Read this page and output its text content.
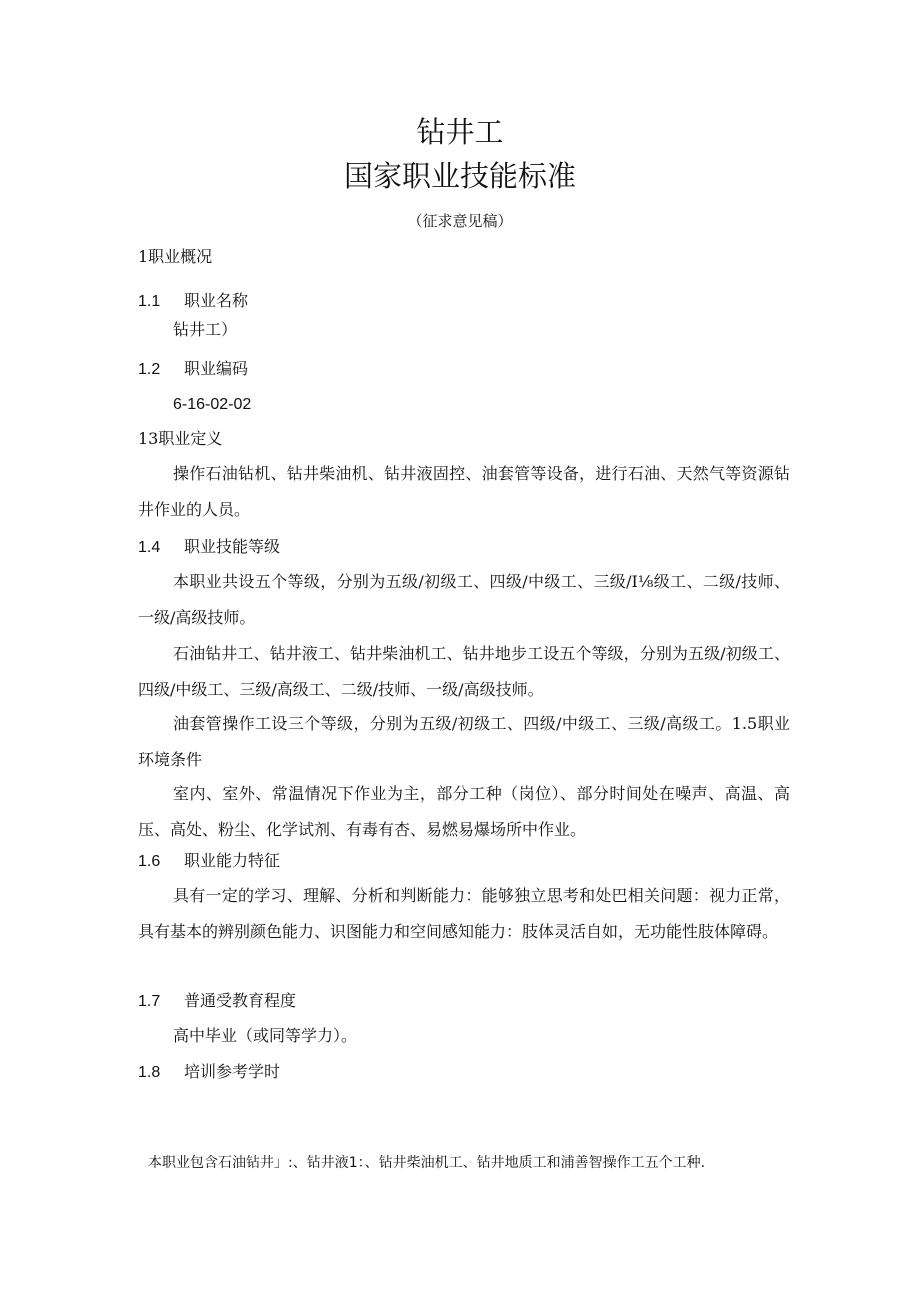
钻井工
国家职业技能标准
（征求意见稿）
1职业概况
1.1 职业名称
钻井工）
1.2 职业编码
6-16-02-02
13职业定义
操作石油钻机、钻井柴油机、钻井液固控、油套管等设备，进行石油、天然气等资源钻井作业的人员。
1.4 职业技能等级
本职业共设五个等级，分别为五级/初级工、四级/中级工、三级/I⅛级工、二级/技师、一级/高级技师。
石油钻井工、钻井液工、钻井柴油机工、钻井地步工设五个等级，分别为五级/初级工、四级/中级工、三级/高级工、二级/技师、一级/高级技师。
油套管操作工设三个等级，分别为五级/初级工、四级/中级工、三级/高级工。1.5职业环境条件
室内、室外、常温情况下作业为主，部分工种（岗位）、部分时间处在噪声、高温、高压、高处、粉尘、化学试剂、有毒有杏、易燃易爆场所中作业。
1.6 职业能力特征
具有一定的学习、理解、分析和判断能力：能够独立思考和处巴相关问题：视力正常，具有基本的辨别颜色能力、识图能力和空间感知能力：肢体灵活自如，无功能性肢体障碍。
1.7 普通受教育程度
高中毕业（或同等学力）。
1.8 培训参考学时
本职业包含石油钻井」:、钻井液1：、钻井柴油机工、钻井地质工和浦善智操作工五个工种.
